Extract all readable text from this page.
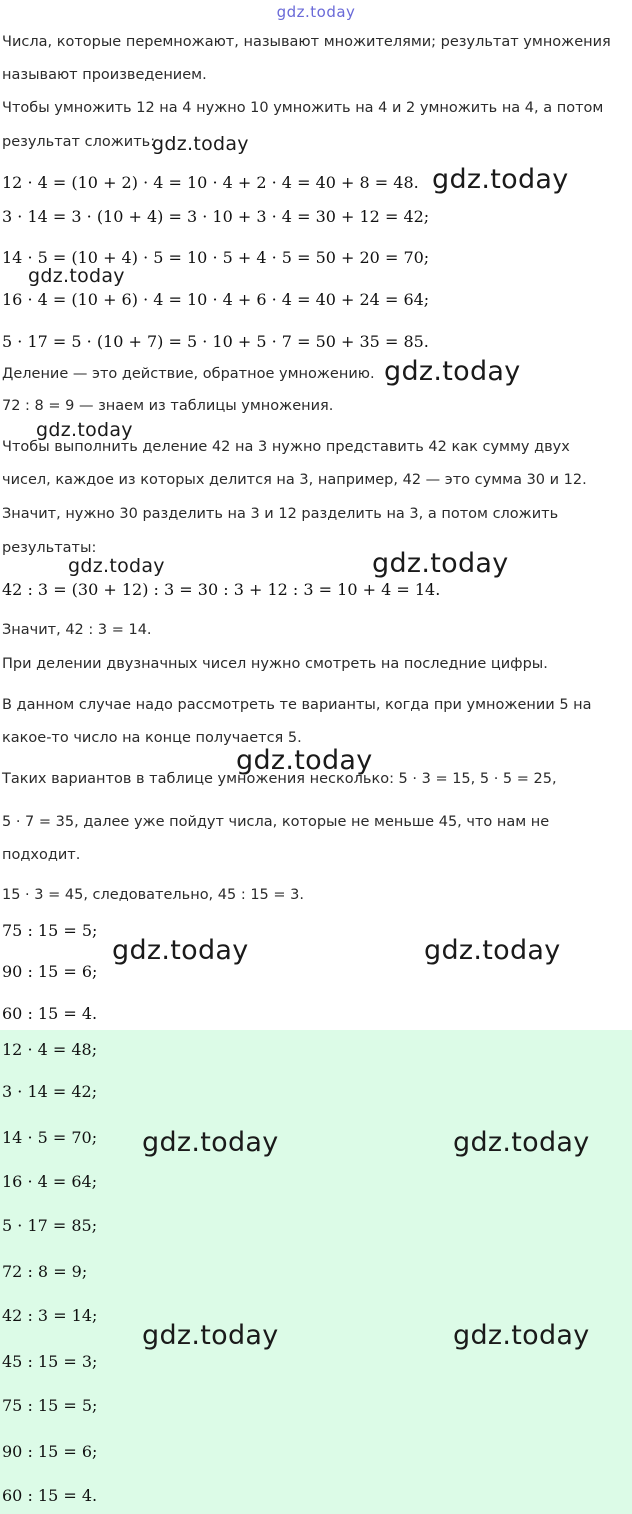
gdz.today
Числа, которые перемножают, называют множителями; результат умножения
называют произведением.
Чтобы умножить 12 на 4 нужно 10 умножить на 4 и 2 умножить на 4, а потом
результат сложить:
12 · 4 = (10 + 2) · 4 = 10 · 4 + 2 · 4 = 40 + 8 = 48.
3 · 14 = 3 · (10 + 4) = 3 · 10 + 3 · 4 = 30 + 12 = 42;
14 · 5 = (10 + 4) · 5 = 10 · 5 + 4 · 5 = 50 + 20 = 70;
16 · 4 = (10 + 6) · 4 = 10 · 4 + 6 · 4 = 40 + 24 = 64;
5 · 17 = 5 · (10 + 7) = 5 · 10 + 5 · 7 = 50 + 35 = 85.
Деление — это действие, обратное умножению.
72 : 8 = 9 — знаем из таблицы умножения.
Чтобы выполнить деление 42 на 3 нужно представить 42 как сумму двух
чисел, каждое из которых делится на 3, например, 42 — это сумма 30 и 12.
Значит, нужно 30 разделить на 3 и 12 разделить на 3, а потом сложить
результаты:
42 : 3 = (30 + 12) : 3 = 30 : 3 + 12 : 3 = 10 + 4 = 14.
Значит, 42 : 3 = 14.
При делении двузначных чисел нужно смотреть на последние цифры.
В данном случае надо рассмотреть те варианты, когда при умножении 5 на
какое-то число на конце получается 5.
Таких вариантов в таблице умножения несколько: 5 · 3 = 15, 5 · 5 = 25,
5 · 7 = 35, далее уже пойдут числа, которые не меньше 45, что нам не
подходит.
15 · 3 = 45, следовательно, 45 : 15 = 3.
75 : 15 = 5;
90 : 15 = 6;
60 : 15 = 4.
12 · 4 = 48;
3 · 14 = 42;
14 · 5 = 70;
16 · 4 = 64;
5 · 17 = 85;
72 : 8 = 9;
42 : 3 = 14;
45 : 15 = 3;
75 : 15 = 5;
90 : 15 = 6;
60 : 15 = 4.
gdz.today
gdz.today
gdz.today
gdz.today
gdz.today
gdz.today	gdz.today
gdz.today
gdz.today	gdz.today
gdz.today	gdz.today
gdz.today	gdz.today
